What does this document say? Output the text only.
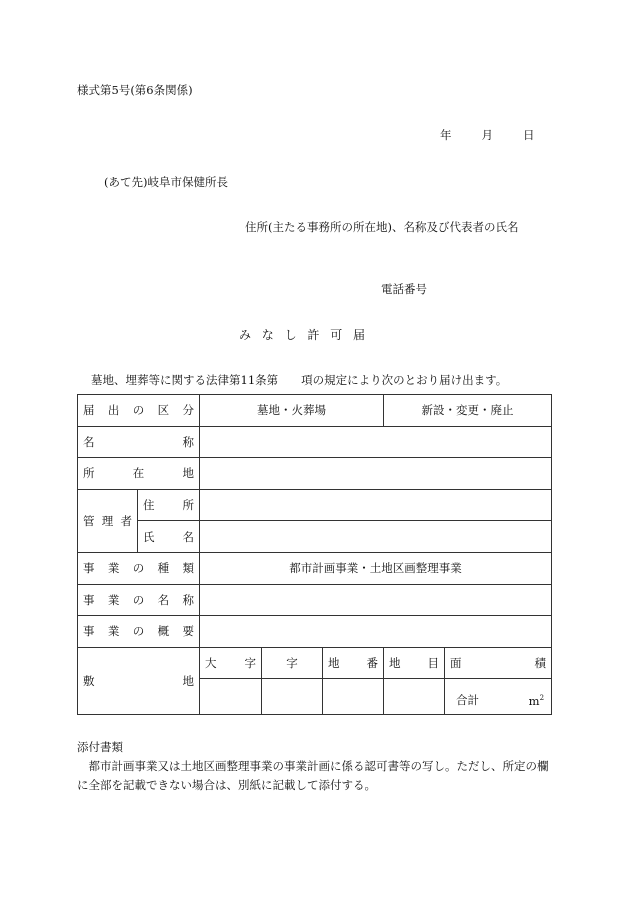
様式第5号(第6条関係)
年	月	日
(あて先)岐阜市保健所長
住所(主たる事務所の所在地)、名称及び代表者の氏名
電話番号
みなし許可届
墓地、埋葬等に関する法律第11条第　　項の規定により次のとおり届け出ます。
届 出 の 区 分		墓地・火葬場			新設・変更・廃止	

名 称						

所 在 地						

管 理 者	住 所					

	氏 名					

事 業 の 種 類		都市計画事業・土地区画整理事業				

事 業 の 名 称						

事 業 の 概 要						

敷 地		大 字	字	地 番	地 目	面 積

						合計 $m^2$
添付書類
都市計画事業又は土地区画整理事業の事業計画に係る認可書等の写し。ただし、所定の欄に全部を記載できない場合は、別紙に記載して添付する。
